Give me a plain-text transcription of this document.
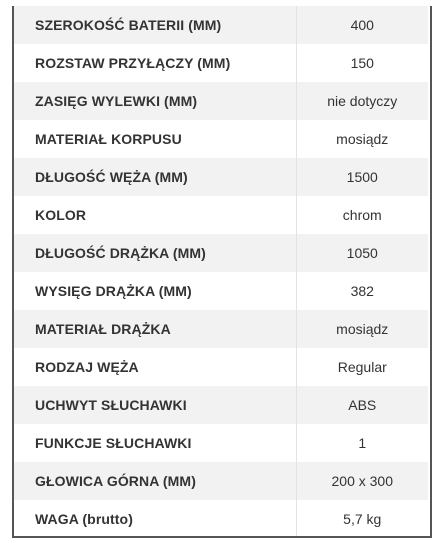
SZEROKOŚĆ BATERII (MM)	400
ROZSTAW PRZYŁĄCZY (MM)	150
ZASIĘG WYLEWKI (MM)	nie dotyczy
MATERIAŁ KORPUSU	mosiądz
DŁUGOŚĆ WĘŻA (MM)	1500
KOLOR	chrom
DŁUGOŚĆ DRĄŻKA (MM)	1050
WYSIĘG DRĄŻKA (MM)	382
MATERIAŁ DRĄŻKA	mosiądz
RODZAJ WĘŻA	Regular
UCHWYT SŁUCHAWKI	ABS
FUNKCJE SŁUCHAWKI	1
GŁOWICA GÓRNA (MM)	200 x 300
WAGA (brutto)	5,7 kg
